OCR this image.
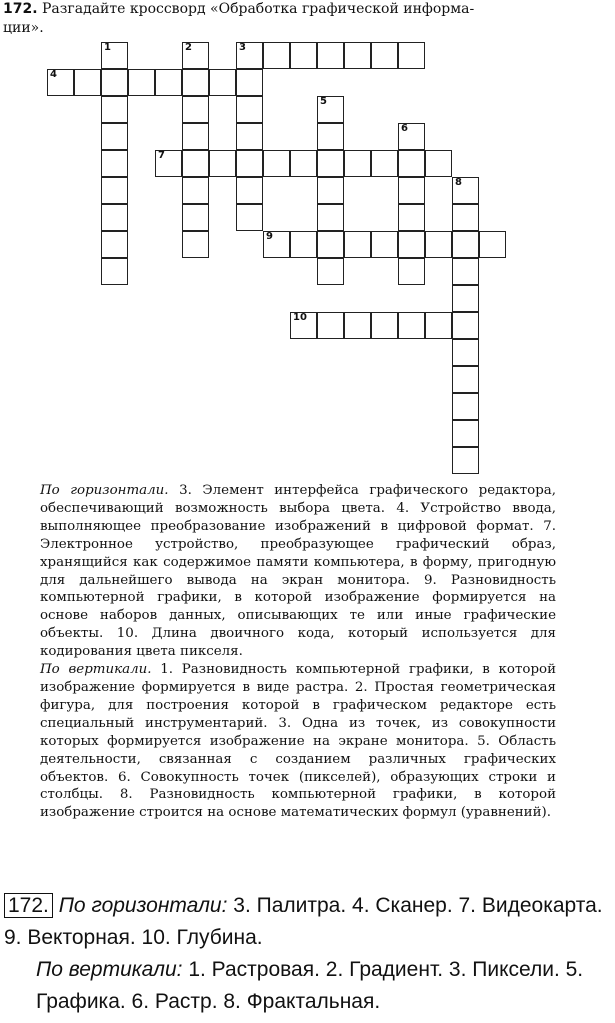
172. Разгадайте кроссворд «Обработка графической информа-
ции».
3
4
7
9
10
1	2
5
6
8

По горизонтали. 3. Элемент интерфейса графического редактора, обеспечивающий возможность выбора цвета. 4. Устройство ввода, выполняющее преобразование изображений в цифровой формат. 7. Электронное устройство, преобразующее графический образ, хранящийся как содержимое памяти компьютера, в форму, пригодную для дальнейшего вывода на экран монитора. 9. Разновидность компьютерной графики, в которой изображение формируется на основе наборов данных, описывающих те или иные графические объекты. 10. Длина двоичного кода, который используется для кодирования цвета пикселя.

По вертикали. 1. Разновидность компьютерной графики, в которой изображение формируется в виде растра. 2. Простая геометрическая фигура, для построения которой в графическом редакторе есть специальный инструментарий. 3. Одна из точек, из совокупности которых формируется изображение на экране монитора. 5. Область деятельности, связанная с созданием различных графических объектов. 6. Совокупность точек (пикселей), образующих строки и столбцы. 8. Разновидность компьютерной графики, в которой изображение строится на основе математических формул (уравнений).

172. По горизонтали: 3. Палитра. 4. Сканер. 7. Видеокарта. 9. Векторная. 10. Глубина.

По вертикали: 1. Растровая. 2. Градиент. 3. Пиксели. 5. Графика. 6. Растр. 8. Фрактальная.
